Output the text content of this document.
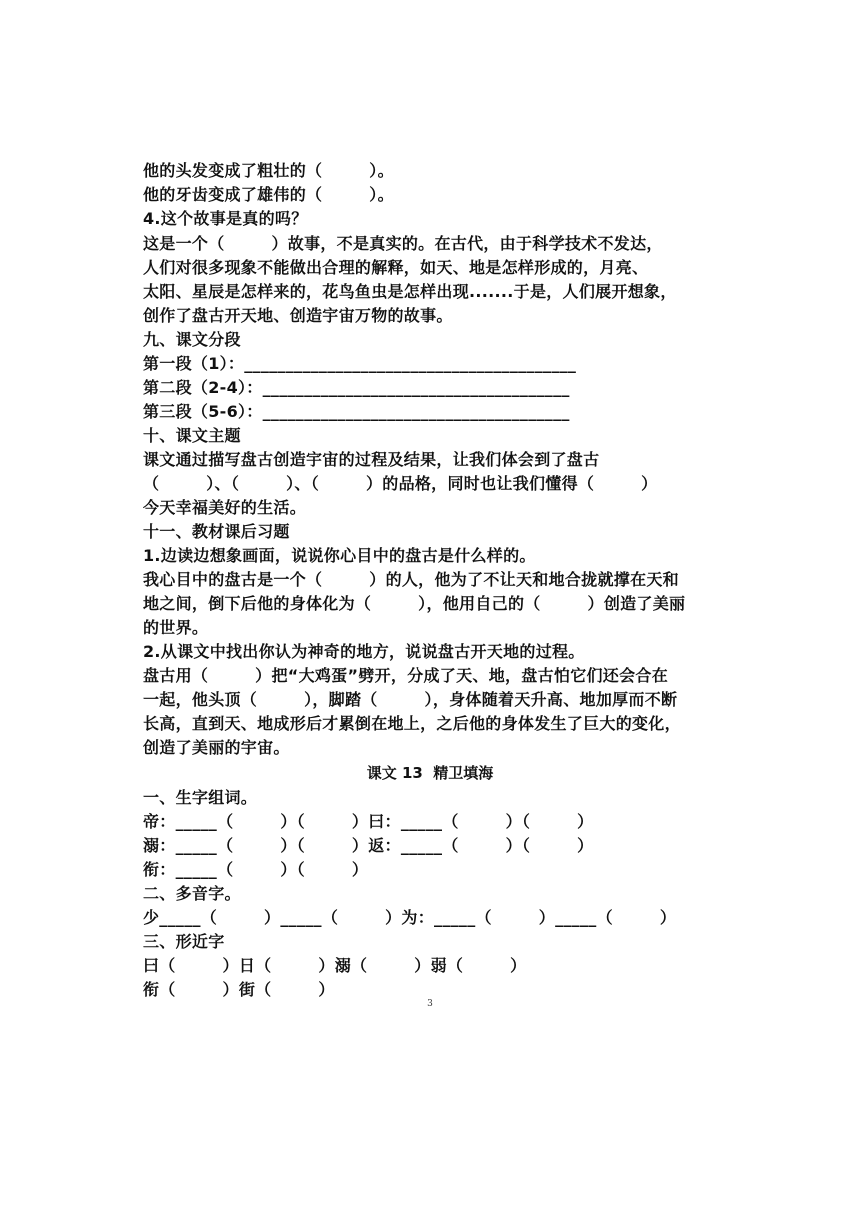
他的头发变成了粗壮的（        ）。
他的牙齿变成了雄伟的（        ）。
4.这个故事是真的吗？
这是一个（        ）故事，不是真实的。在古代，由于科学技术不发达，
人们对很多现象不能做出合理的解释，如天、地是怎样形成的，月亮、
太阳、星辰是怎样来的，花鸟鱼虫是怎样出现.......于是，人们展开想象，
创作了盘古开天地、创造宇宙万物的故事。
九、课文分段
第一段（1）：________________________________________
第二段（2-4）：_____________________________________
第三段（5-6）：_____________________________________
十、课文主题
课文通过描写盘古创造宇宙的过程及结果，让我们体会到了盘古
（        ）、（        ）、（        ）的品格，同时也让我们懂得（        ）
今天幸福美好的生活。
十一、教材课后习题
1.边读边想象画面，说说你心目中的盘古是什么样的。
我心目中的盘古是一个（        ）的人，他为了不让天和地合拢就撑在天和
地之间，倒下后他的身体化为（        ），他用自己的（        ）创造了美丽
的世界。
2.从课文中找出你认为神奇的地方，说说盘古开天地的过程。
盘古用（        ）把“大鸡蛋”劈开，分成了天、地，盘古怕它们还会合在
一起，他头顶（        ），脚踏（        ），身体随着天升高、地加厚而不断
长高，直到天、地成形后才累倒在地上，之后他的身体发生了巨大的变化，
创造了美丽的宇宙。
课文 13  精卫填海
一、生字组词。
帝：_____（        ）（        ）曰：_____（        ）（        ）
溺：_____（        ）（        ）返：_____（        ）（        ）
衔：_____（        ）（        ）
二、多音字。
少_____（        ）_____（        ）为：_____（        ）_____（        ）
三、形近字
曰（        ）日（        ）溺（        ）弱（        ）
衔（        ）街（        ）
3
